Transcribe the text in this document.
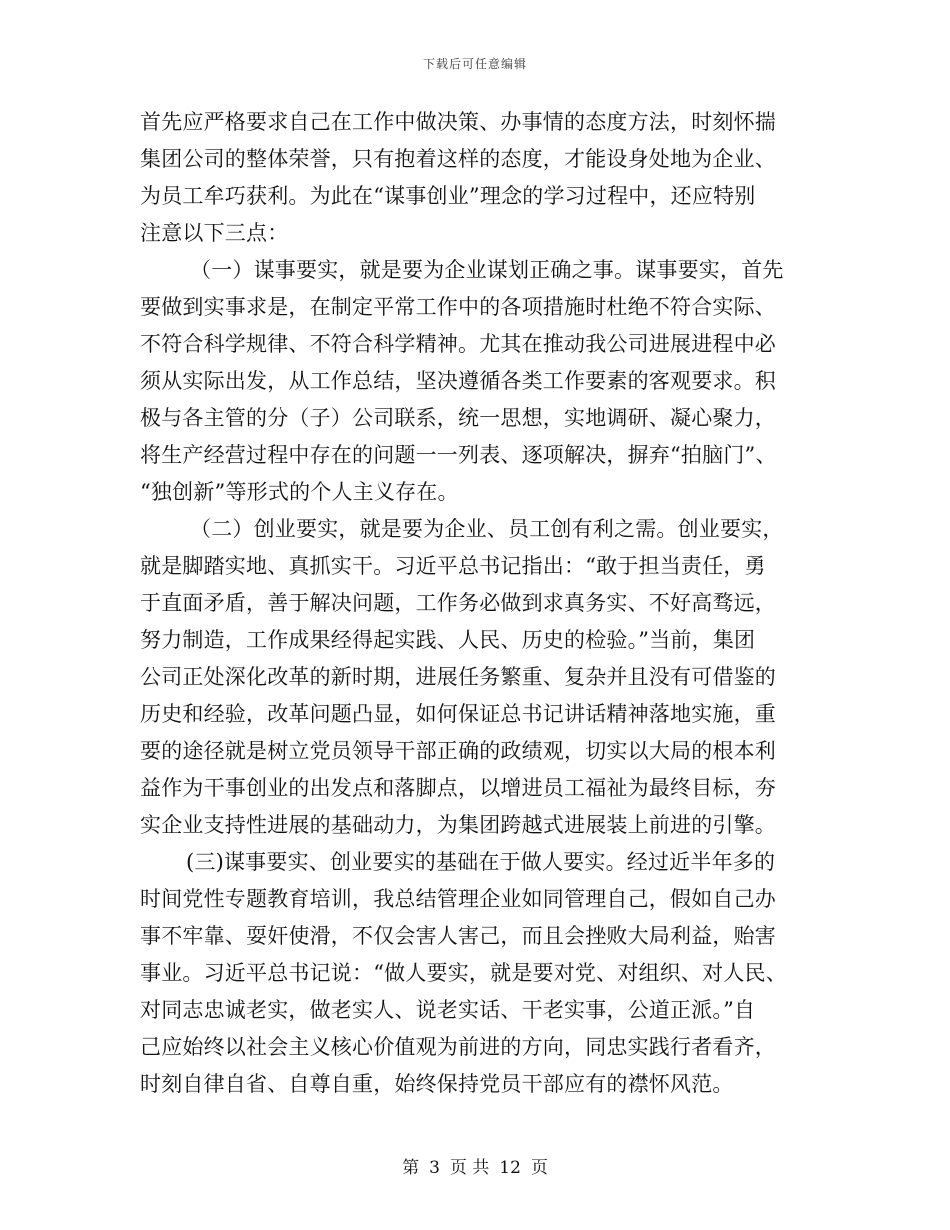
下载后可任意编辑
首先应严格要求自己在工作中做决策、办事情的态度方法，时刻怀揣
集团公司的整体荣誉，只有抱着这样的态度，才能设身处地为企业、
为员工牟巧获利。为此在“谋事创业”理念的学习过程中，还应特别
注意以下三点：
（一）谋事要实，就是要为企业谋划正确之事。谋事要实，首先
要做到实事求是，在制定平常工作中的各项措施时杜绝不符合实际、
不符合科学规律、不符合科学精神。尤其在推动我公司进展进程中必
须从实际出发，从工作总结，坚决遵循各类工作要素的客观要求。积
极与各主管的分（子）公司联系，统一思想，实地调研、凝心聚力，
将生产经营过程中存在的问题一一列表、逐项解决，摒弃“拍脑门”、
“独创新”等形式的个人主义存在。
（二）创业要实，就是要为企业、员工创有利之需。创业要实，
就是脚踏实地、真抓实干。习近平总书记指出：“敢于担当责任，勇
于直面矛盾，善于解决问题，工作务必做到求真务实、不好高骛远，
努力制造，工作成果经得起实践、人民、历史的检验。”当前，集团
公司正处深化改革的新时期，进展任务繁重、复杂并且没有可借鉴的
历史和经验，改革问题凸显，如何保证总书记讲话精神落地实施，重
要的途径就是树立党员领导干部正确的政绩观，切实以大局的根本利
益作为干事创业的出发点和落脚点，以增进员工福祉为最终目标，夯
实企业支持性进展的基础动力，为集团跨越式进展装上前进的引擎。
(三)谋事要实、创业要实的基础在于做人要实。经过近半年多的
时间党性专题教育培训，我总结管理企业如同管理自己，假如自己办
事不牢靠、耍奸使滑，不仅会害人害己，而且会挫败大局利益，贻害
事业。习近平总书记说：“做人要实，就是要对党、对组织、对人民、
对同志忠诚老实，做老实人、说老实话、干老实事，公道正派。”自
己应始终以社会主义核心价值观为前进的方向，同忠实践行者看齐，
时刻自律自省、自尊自重，始终保持党员干部应有的襟怀风范。
第 3 页 共 12 页
